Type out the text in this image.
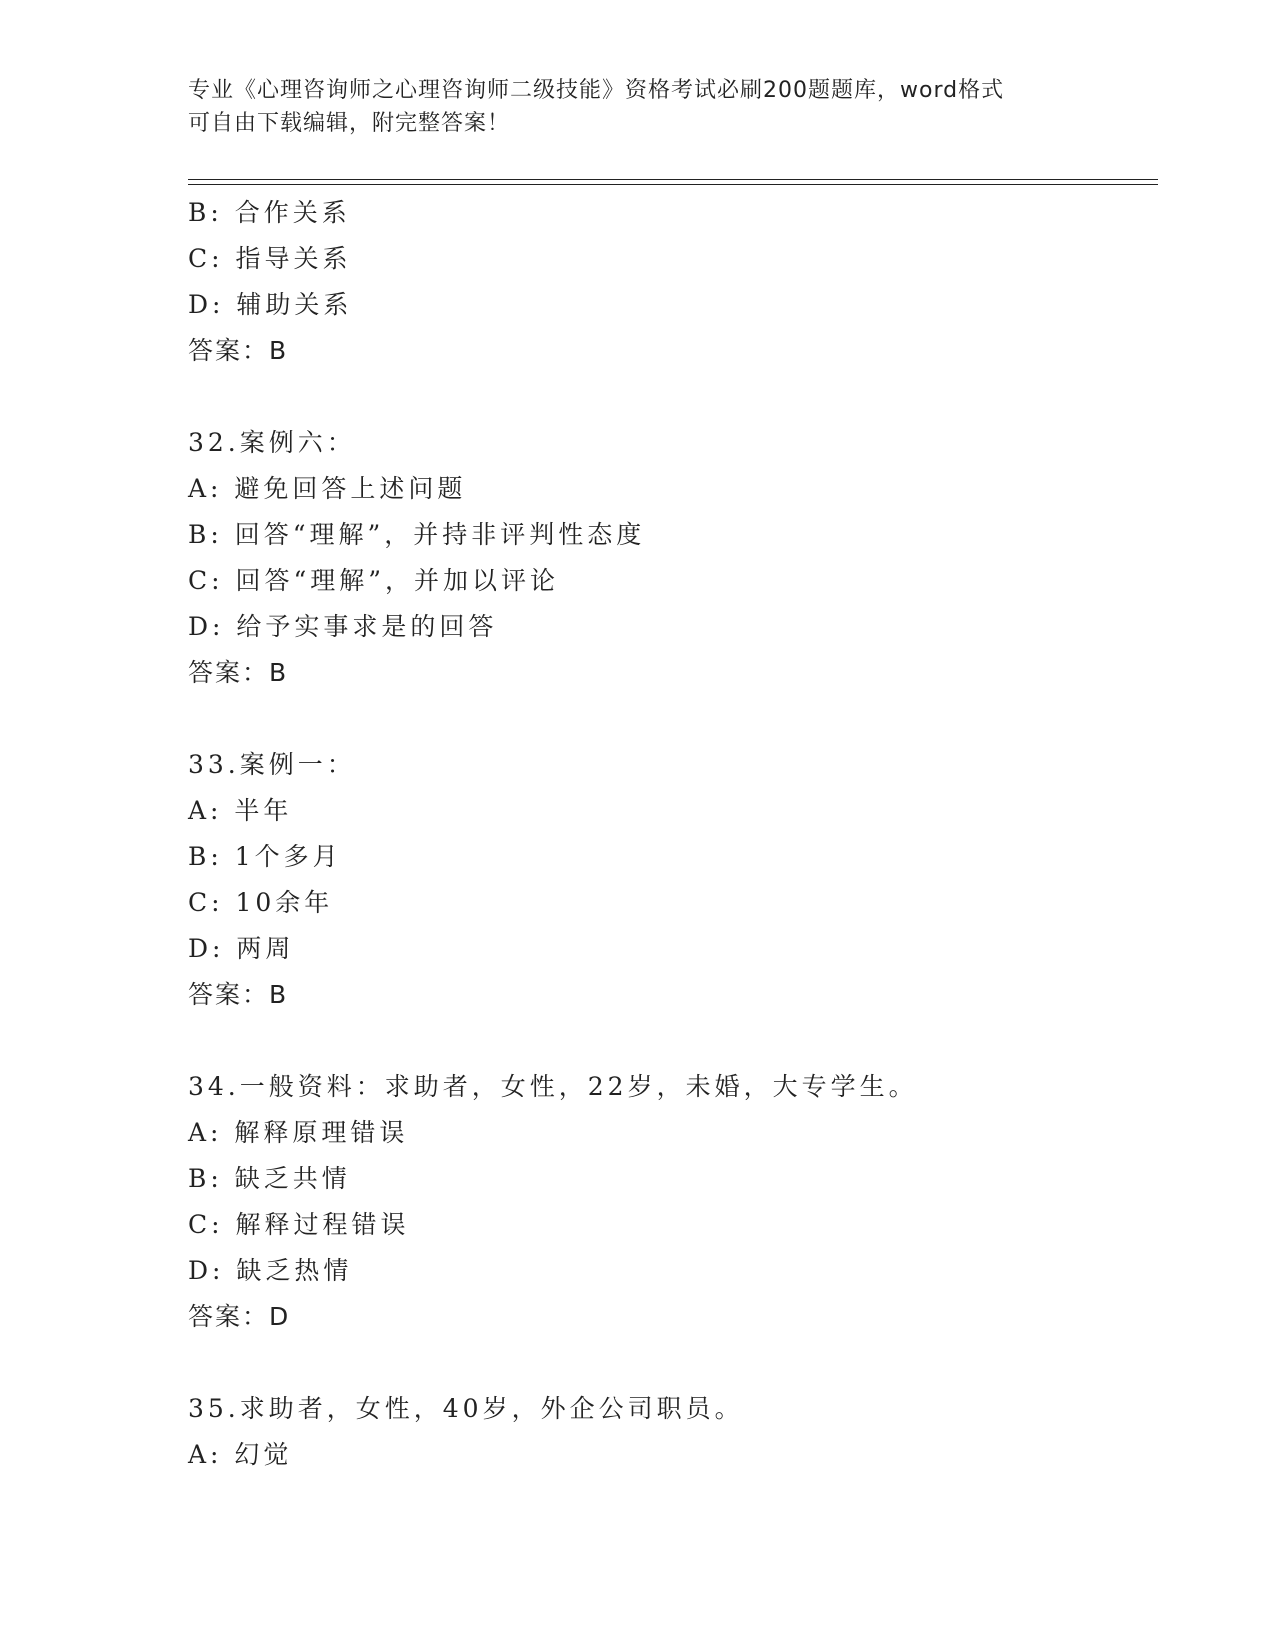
专业《心理咨询师之心理咨询师二级技能》资格考试必刷200题题库，word格式
可自由下载编辑，附完整答案！
B: 合作关系
C: 指导关系
D: 辅助关系
答案：B
32.案例六：
A: 避免回答上述问题
B: 回答“理解”，并持非评判性态度
C: 回答“理解”，并加以评论
D: 给予实事求是的回答
答案：B
33.案例一：
A: 半年
B: 1个多月
C: 10余年
D: 两周
答案：B
34.一般资料：求助者，女性，22岁，未婚，大专学生。
A: 解释原理错误
B: 缺乏共情
C: 解释过程错误
D: 缺乏热情
答案：D
35.求助者，女性，40岁，外企公司职员。
A: 幻觉
